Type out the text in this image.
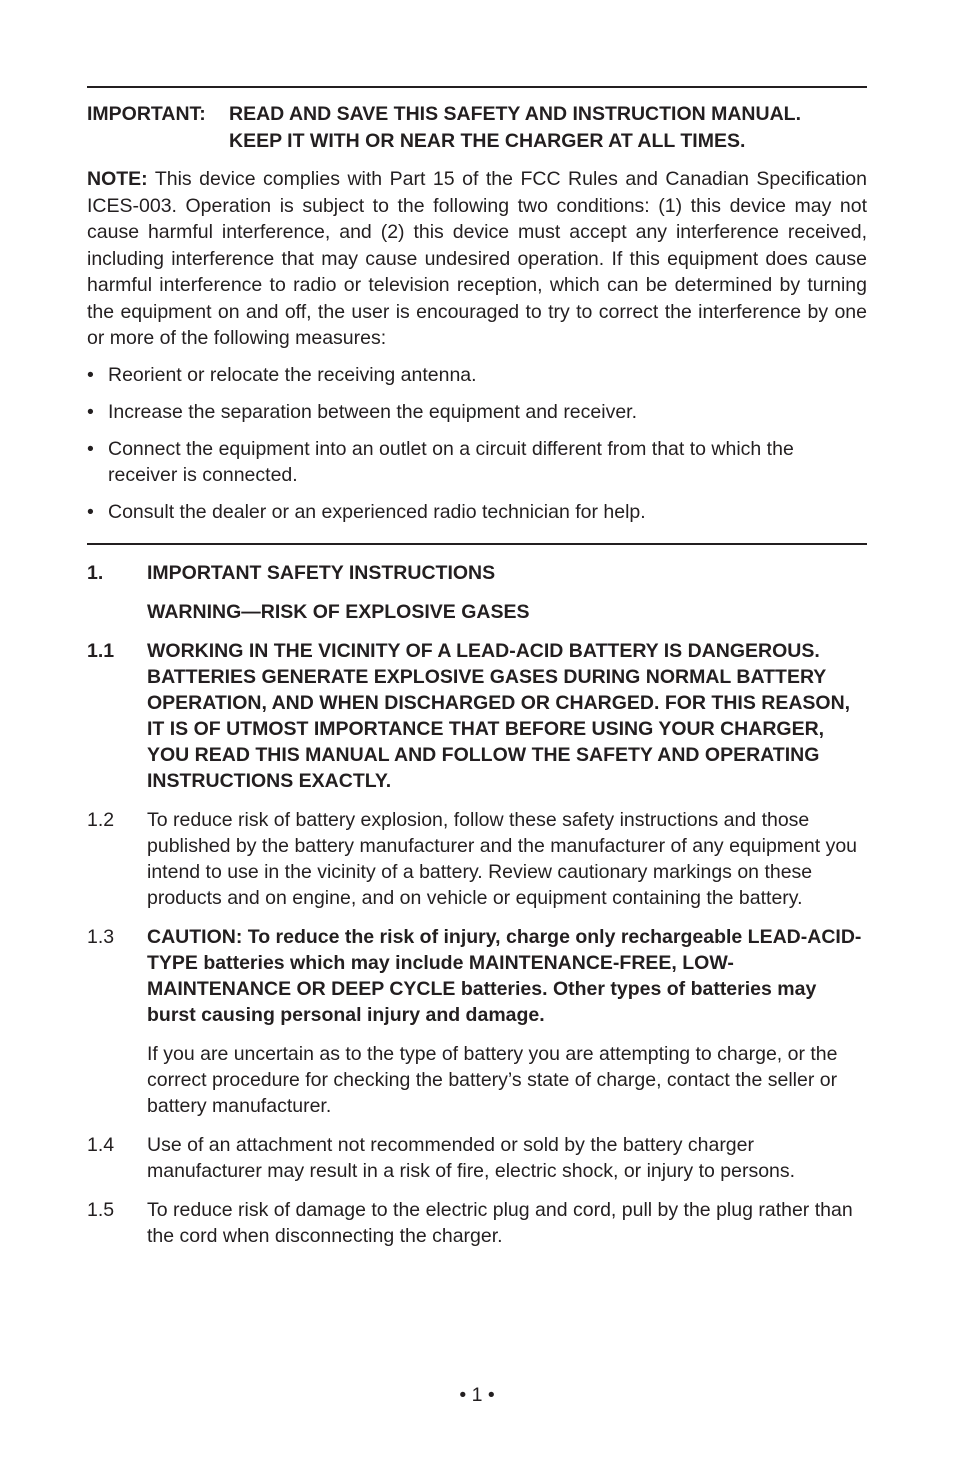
IMPORTANT:	READ AND SAVE THIS SAFETY AND INSTRUCTION MANUAL.
KEEP IT WITH OR NEAR THE CHARGER AT ALL TIMES.
NOTE: This device complies with Part 15 of the FCC Rules and Canadian Specification ICES-003. Operation is subject to the following two conditions: (1) this device may not cause harmful interference, and (2) this device must accept any interference received, including interference that may cause undesired operation. If this equipment does cause harmful interference to radio or television reception, which can be determined by turning the equipment on and off, the user is encouraged to try to correct the interference by one or more of the following measures:
• Reorient or relocate the receiving antenna.
• Increase the separation between the equipment and receiver.
• Connect the equipment into an outlet on a circuit different from that to which the receiver is connected.
• Consult the dealer or an experienced radio technician for help.
1.	IMPORTANT SAFETY INSTRUCTIONS
WARNING—RISK OF EXPLOSIVE GASES
1.1	WORKING IN THE VICINITY OF A LEAD-ACID BATTERY IS DANGEROUS. BATTERIES GENERATE EXPLOSIVE GASES DURING NORMAL BATTERY OPERATION, AND WHEN DISCHARGED OR CHARGED. FOR THIS REASON, IT IS OF UTMOST IMPORTANCE THAT BEFORE USING YOUR CHARGER, YOU READ THIS MANUAL AND FOLLOW THE SAFETY AND OPERATING INSTRUCTIONS EXACTLY.
1.2	To reduce risk of battery explosion, follow these safety instructions and those published by the battery manufacturer and the manufacturer of any equipment you intend to use in the vicinity of a battery. Review cautionary markings on these products and on engine, and on vehicle or equipment containing the battery.
1.3	CAUTION: To reduce the risk of injury, charge only rechargeable LEAD-ACID-TYPE batteries which may include MAINTENANCE-FREE, LOW-MAINTENANCE OR DEEP CYCLE batteries. Other types of batteries may burst causing personal injury and damage.
If you are uncertain as to the type of battery you are attempting to charge, or the correct procedure for checking the battery’s state of charge, contact the seller or battery manufacturer.
1.4	Use of an attachment not recommended or sold by the battery charger manufacturer may result in a risk of fire, electric shock, or injury to persons.
1.5	To reduce risk of damage to the electric plug and cord, pull by the plug rather than the cord when disconnecting the charger.
• 1 •
